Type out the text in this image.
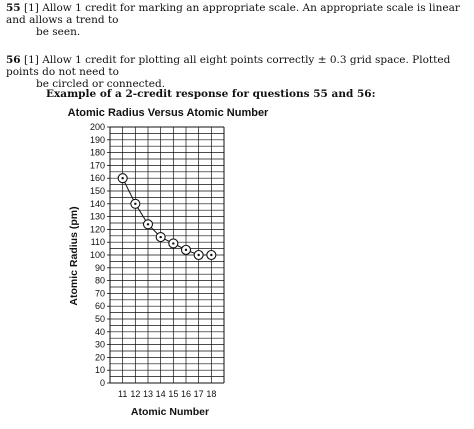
55 [1] Allow 1 credit for marking an appropriate scale. An appropriate scale is linear and allows a trend to
be seen.
56 [1] Allow 1 credit for plotting all eight points correctly ± 0.3 grid space. Plotted points do not need to
be circled or connected.
Example of a 2-credit response for questions 55 and 56:
Atomic Radius Versus Atomic Number
0
10
20
30
40
50
60
70
80
90
100
110
120
130
140
150
160
170
180
190
200
11 12 13 14 15 16 17 18
Atomic Number
Atomic Radius (pm)
